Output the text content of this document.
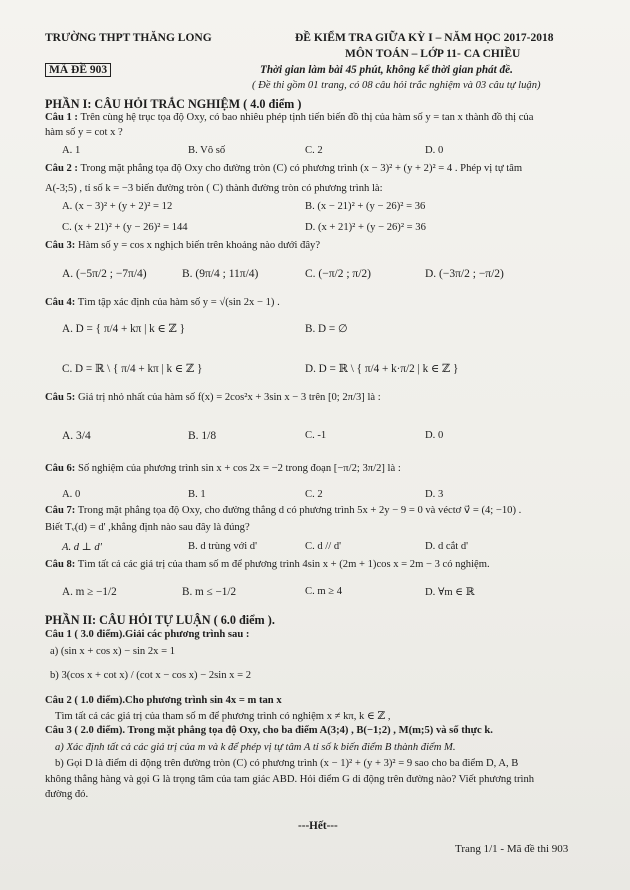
TRƯỜNG THPT THĂNG LONG	ĐỀ KIỂM TRA GIỮA KỲ I – NĂM HỌC 2017-2018
MÔN TOÁN – LỚP 11- CA CHIỀU
MÃ ĐỀ 903	Thời gian làm bài 45 phút, không kể thời gian phát đề.
( Đề thi gồm 01 trang, có 08 câu hỏi trắc nghiệm và 03 câu tự luận)
PHẦN I: CÂU HỎI TRẮC NGHIỆM ( 4.0 điểm )
Câu 1 : Trên cùng hệ trục tọa độ Oxy, có bao nhiêu phép tịnh tiến biến đồ thị của hàm số y = tan x thành đồ thị của
hàm số y = cot x ?
A. 1	B. Vô số	C. 2	D. 0
Câu 2 : Trong mặt phẳng tọa độ Oxy cho đường tròn (C) có phương trình (x − 3)² + (y + 2)² = 4 . Phép vị tự tâm
A(-3;5) , tỉ số k = −3 biến đường tròn ( C) thành đường tròn có phương trình là:
A. (x − 3)² + (y + 2)² = 12	B. (x − 21)² + (y − 26)² = 36
C. (x + 21)² + (y − 26)² = 144	D. (x + 21)² + (y − 26)² = 36
Câu 3: Hàm số y = cos x nghịch biến trên khoảng nào dưới đây?
A. (−5π/2 ; −7π/4)	B. (9π/4 ; 11π/4)	C. (−π/2 ; π/2)	D. (−3π/2 ; −π/2)
Câu 4: Tìm tập xác định của hàm số y = √(sin 2x − 1) .
A. D = { π/4 + kπ | k ∈ ℤ }	B. D = ∅
C. D = ℝ \ { π/4 + kπ | k ∈ ℤ }	D. D = ℝ \ { π/4 + k·π/2 | k ∈ ℤ }
Câu 5: Giá trị nhỏ nhất của hàm số f(x) = 2cos²x + 3sin x − 3 trên [0; 2π/3] là :
A. 3/4	B. 1/8	C. -1	D. 0
Câu 6: Số nghiệm của phương trình sin x + cos 2x = −2 trong đoạn [−π/2; 3π/2] là :
A. 0	B. 1	C. 2	D. 3
Câu 7: Trong mặt phẳng tọa độ Oxy, cho đường thẳng d có phương trình 5x + 2y − 9 = 0 và véctơ v⃗ = (4; −10) .
Biết Tᵥ(d) = d' ,khẳng định nào sau đây là đúng?
A. d ⊥ d'	B. d trùng với d'	C. d // d'	D. d cắt d'
Câu 8: Tìm tất cả các giá trị của tham số m để phương trình 4sin x + (2m + 1)cos x = 2m − 3 có nghiệm.
A. m ≥ −1/2	B. m ≤ −1/2	C. m ≥ 4	D. ∀m ∈ ℝ
PHẦN II: CÂU HỎI TỰ LUẬN ( 6.0 điểm ).
Câu 1 ( 3.0 điểm).Giải các phương trình sau :
a) (sin x + cos x) − sin 2x = 1
b) 3(cos x + cot x) / (cot x − cos x) − 2sin x = 2
Câu 2 ( 1.0 điểm).Cho phương trình sin 4x = m tan x
Tìm tất cả các giá trị của tham số m để phương trình có nghiệm x ≠ kπ, k ∈ ℤ ,
Câu 3 ( 2.0 điểm). Trong mặt phẳng tọa độ Oxy, cho ba điểm A(3;4) , B(−1;2) , M(m;5) và số thực k.
a) Xác định tất cả các giá trị của m và k để phép vị tự tâm A tỉ số k biến điểm B thành điểm M.
b) Gọi D là điểm di động trên đường tròn (C) có phương trình (x − 1)² + (y + 3)² = 9 sao cho ba điểm D, A, B
không thẳng hàng và gọi G là trọng tâm của tam giác ABD. Hỏi điểm G di động trên đường nào? Viết phương trình
đường đó.
---Hết---
Trang 1/1 - Mã đề thi 903
